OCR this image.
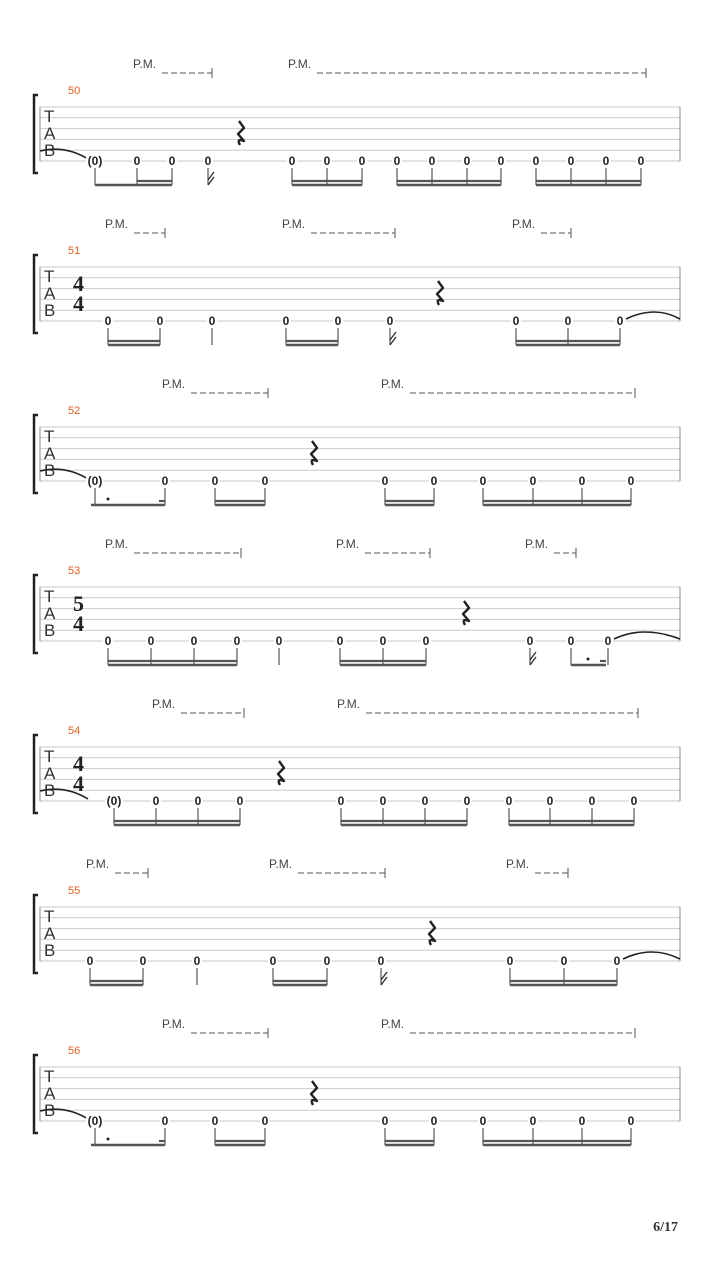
P.M.	P.M.
50
T
A
B
(0)	0 0 0	0 0 0 0 0 0 0 0 0 0 0
P.M.	P.M.	P.M.
51
T
A
B
4
4
0	0	0	0	0	0	0	0	0
P.M.	P.M.
52
T
A
B
(0)	0	0	0	0	0	0	0	0	0
P.M.	P.M.	P.M.
53
T
A
B
5
4
0	0	0	0	0	0	0	0	0	0	0
P.M.	P.M.
54
T
A
B
4
4
(0)	0	0	0	0	0	0	0	0	0	0	0
P.M.	P.M.	P.M.
55
T
A
B
0	0	0	0	0	0	0	0	0
P.M.	P.M.
56
T
A
B
(0)	0	0	0	0	0	0	0	0	0
6/17
